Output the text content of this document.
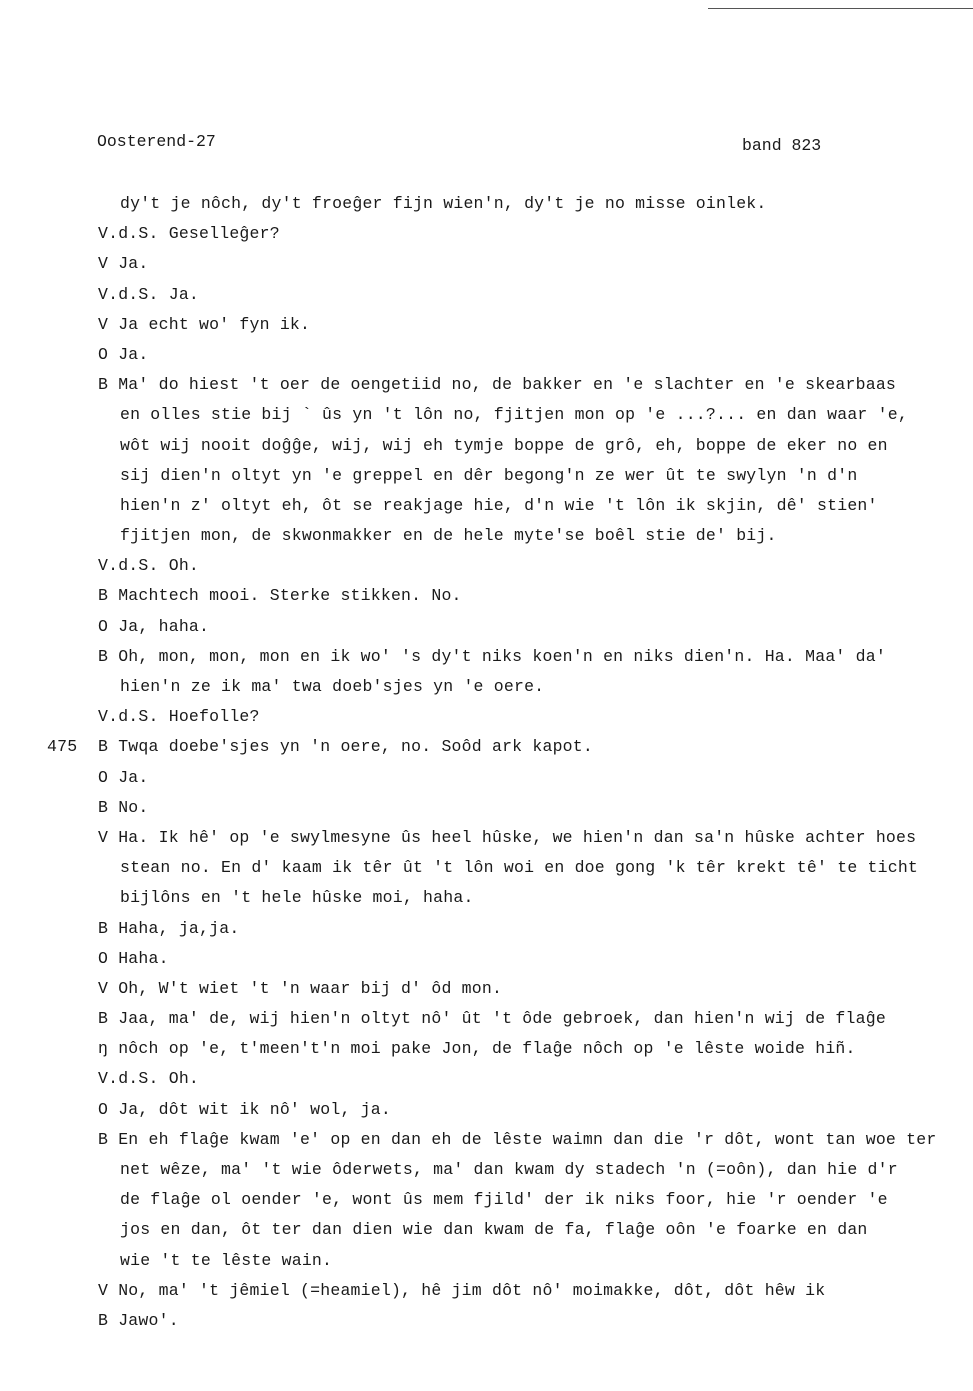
Oosterend-27	band 823
dy't je nôch, dy't froeĝer fijn wien'n, dy't je no misse oinlek.
V.d.S. Geselleĝer?
V Ja.
V.d.S. Ja.
V Ja echt wo' fyn ik.
O Ja.
B Ma' do hiest 't oer de oengetiid no, de bakker en 'e slachter en 'e skearbaas
en olles stie bij ` ûs yn 't lôn no, fjitjen mon op 'e ...?... en dan waar 'e,
wôt wij nooit doĝĝe, wij, wij eh tymje boppe de grô, eh, boppe de eker no en
sij dien'n oltyt yn 'e greppel en dêr begong'n ze wer ût te swylyn 'n d'n
hien'n z' oltyt eh, ôt se reakjage hie, d'n wie 't lôn ik skjin, dê' stien'
fjitjen mon, de skwonmakker en de hele myte'se boêl stie de' bij.
V.d.S. Oh.
B Machtech mooi. Sterke stikken. No.
O Ja, haha.
B Oh, mon, mon, mon en ik wo' 's dy't niks koen'n en niks dien'n. Ha. Maa' da'
hien'n ze ik ma' twa doeb'sjes yn 'e oere.
V.d.S. Hoefolle?
475 B Twqa doebe'sjes yn 'n oere, no. Soôd ark kapot.
O Ja.
B No.
V Ha. Ik hê' op 'e swylmesyne ûs heel hûske, we hien'n dan sa'n hûske achter hoes
stean no. En d' kaam ik têr ût 't lôn woi en doe gong 'k têr krekt tê' te ticht
bijlôns en 't hele hûske moi, haha.
B Haha, ja,ja.
O Haha.
V Oh, W't wiet 't 'n waar bij d' ôd mon.
B Jaa, ma' de, wij hien'n oltyt nô' ût 't ôde gebroek, dan hien'n wij de flaĝe
ŋ nôch op 'e, t'meen't'n moi pake Jon, de flaĝe nôch op 'e lêste woide hiñ.
V.d.S. Oh.
O Ja, dôt wit ik nô' wol, ja.
B En eh flaĝe kwam 'e' op en dan eh de lêste waimn dan die 'r dôt, wont tan woe ter
net wêze, ma' 't wie ôderwets, ma' dan kwam dy stadech 'n (=oôn), dan hie d'r
de flaĝe ol oender 'e, wont ûs mem fjild' der ik niks foor, hie 'r oender 'e
jos en dan, ôt ter dan dien wie dan kwam de fa, flaĝe oôn 'e foarke en dan
wie 't te lêste wain.
V No, ma' 't jêmiel (=heamiel), hê jim dôt nô' moimakke, dôt, dôt hêw ik
B Jawo'.
